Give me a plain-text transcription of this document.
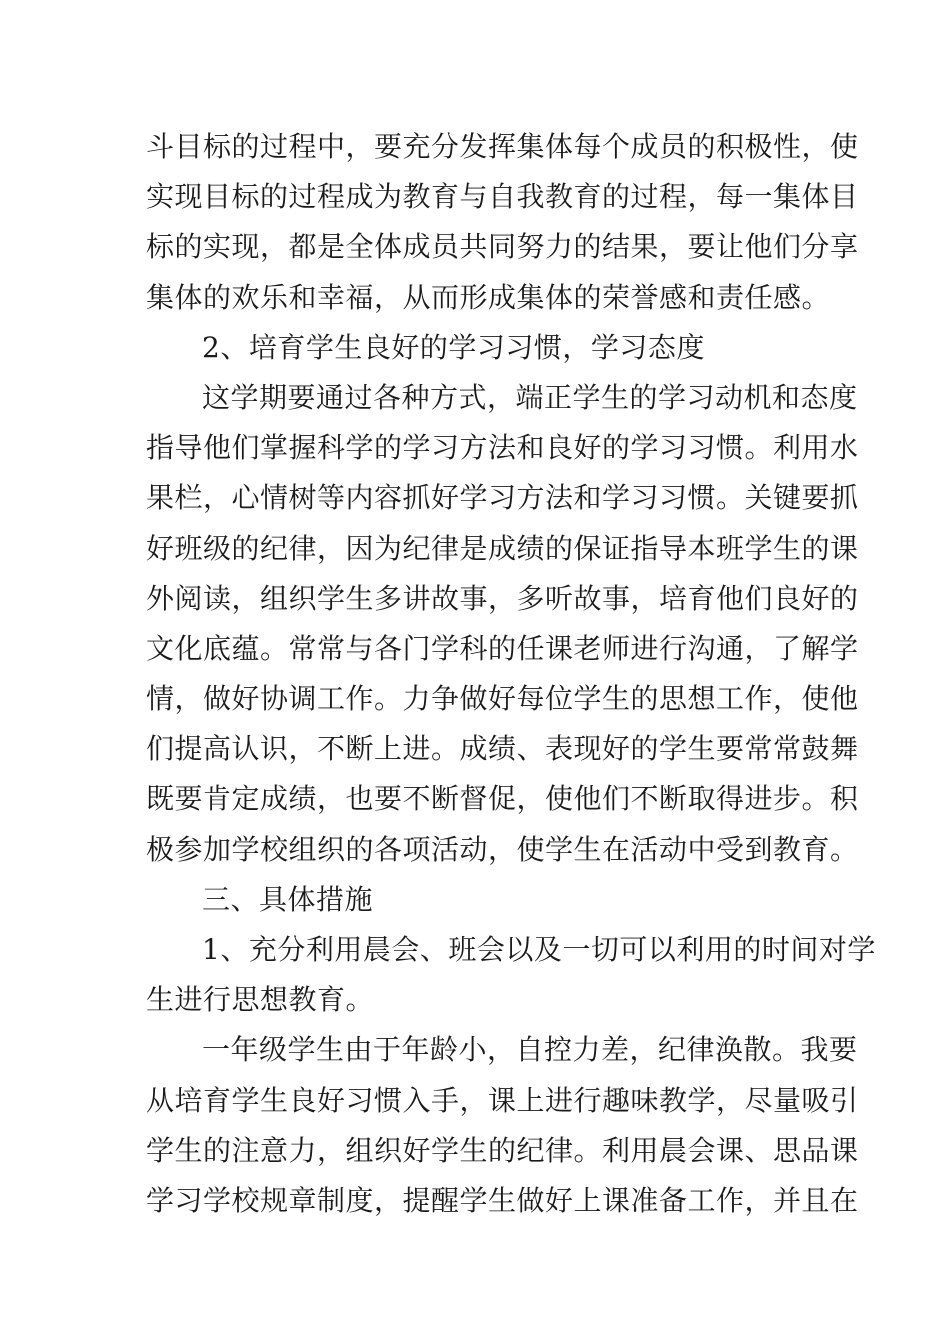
斗目标的过程中，要充分发挥集体每个成员的积极性，使
实现目标的过程成为教育与自我教育的过程，每一集体目
标的实现，都是全体成员共同努力的结果，要让他们分享
集体的欢乐和幸福，从而形成集体的荣誉感和责任感。
2、培育学生良好的学习习惯，学习态度
这学期要通过各种方式，端正学生的学习动机和态度
指导他们掌握科学的学习方法和良好的学习习惯。利用水
果栏，心情树等内容抓好学习方法和学习习惯。关键要抓
好班级的纪律，因为纪律是成绩的保证指导本班学生的课
外阅读，组织学生多讲故事，多听故事，培育他们良好的
文化底蕴。常常与各门学科的任课老师进行沟通，了解学
情，做好协调工作。力争做好每位学生的思想工作，使他
们提高认识，不断上进。成绩、表现好的学生要常常鼓舞
既要肯定成绩，也要不断督促，使他们不断取得进步。积
极参加学校组织的各项活动，使学生在活动中受到教育。
三、具体措施
1、充分利用晨会、班会以及一切可以利用的时间对学
生进行思想教育。
一年级学生由于年龄小，自控力差，纪律涣散。我要
从培育学生良好习惯入手，课上进行趣味教学，尽量吸引
学生的注意力，组织好学生的纪律。利用晨会课、思品课
学习学校规章制度，提醒学生做好上课准备工作，并且在
